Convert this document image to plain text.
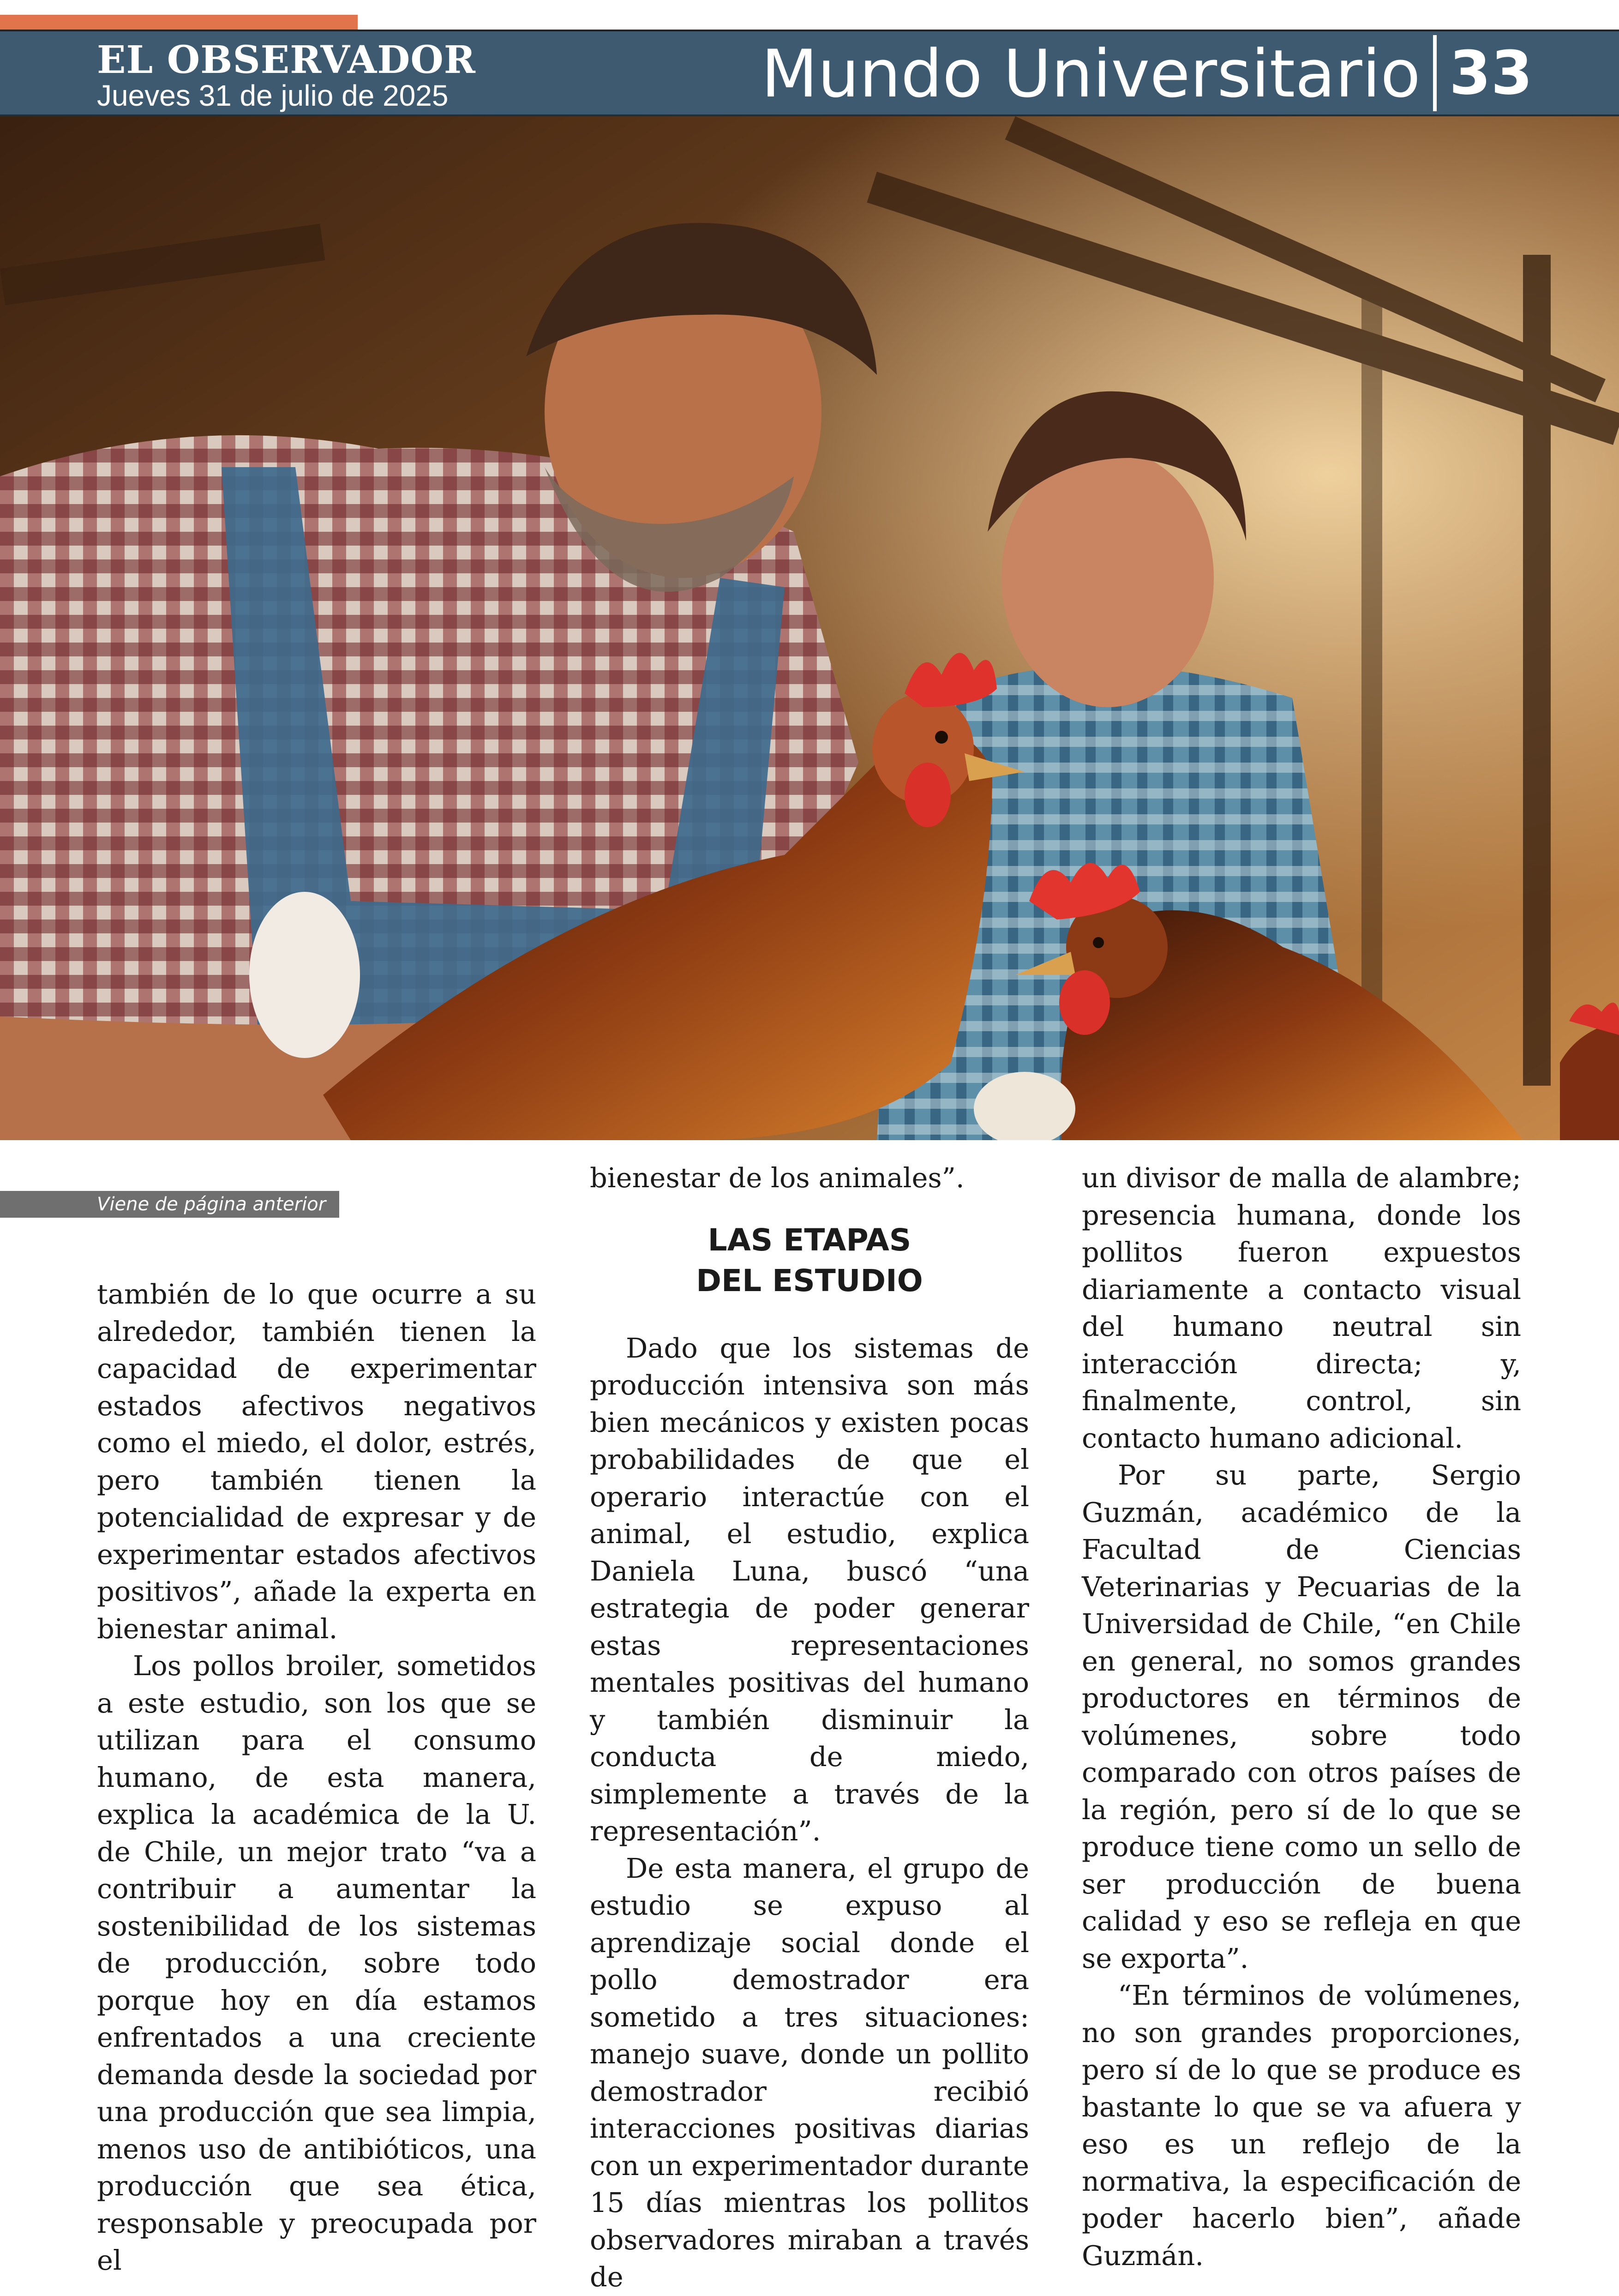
EL OBSERVADOR
Jueves 31 de julio de 2025	Mundo Universitario 33
Viene de página anterior

también de lo que ocurre a su alrededor, también tienen la capacidad de experimentar estados afectivos negativos como el miedo, el dolor, estrés, pero también tienen la potencialidad de expresar y de experimentar estados afectivos positivos”, añade la experta en bienestar animal.

Los pollos broiler, sometidos a este estudio, son los que se utilizan para el consumo humano, de esta manera, explica la académica de la U. de Chile, un mejor trato “va a contribuir a aumentar la sostenibilidad de los sistemas de producción, sobre todo porque hoy en día estamos enfrentados a una creciente demanda desde la sociedad por una producción que sea limpia, menos uso de antibióticos, una producción que sea ética, responsable y preocupada por el

bienestar de los animales”.

LAS ETAPAS
DEL ESTUDIO

Dado que los sistemas de producción intensiva son más bien mecánicos y existen pocas probabilidades de que el operario interactúe con el animal, el estudio, explica Daniela Luna, buscó “una estrategia de poder generar estas representaciones mentales positivas del humano y también disminuir la conducta de miedo, simplemente a través de la representación”.

De esta manera, el grupo de estudio se expuso al aprendizaje social donde el pollo demostrador era sometido a tres situaciones: manejo suave, donde un pollito demostrador recibió interacciones positivas diarias con un experimentador durante 15 días mientras los pollitos observadores miraban a través de

un divisor de malla de alambre; presencia humana, donde los pollitos fueron expuestos diariamente a contacto visual del humano neutral sin interacción directa; y, finalmente, control, sin contacto humano adicional.

Por su parte, Sergio Guzmán, académico de la Facultad de Ciencias Veterinarias y Pecuarias de la Universidad de Chile, “en Chile en general, no somos grandes productores en términos de volúmenes, sobre todo comparado con otros países de la región, pero sí de lo que se produce tiene como un sello de ser producción de buena calidad y eso se refleja en que se exporta”.

“En términos de volúmenes, no son grandes proporciones, pero sí de lo que se produce es bastante lo que se va afuera y eso es un reflejo de la normativa, la especificación de poder hacerlo bien”, añade Guzmán.
